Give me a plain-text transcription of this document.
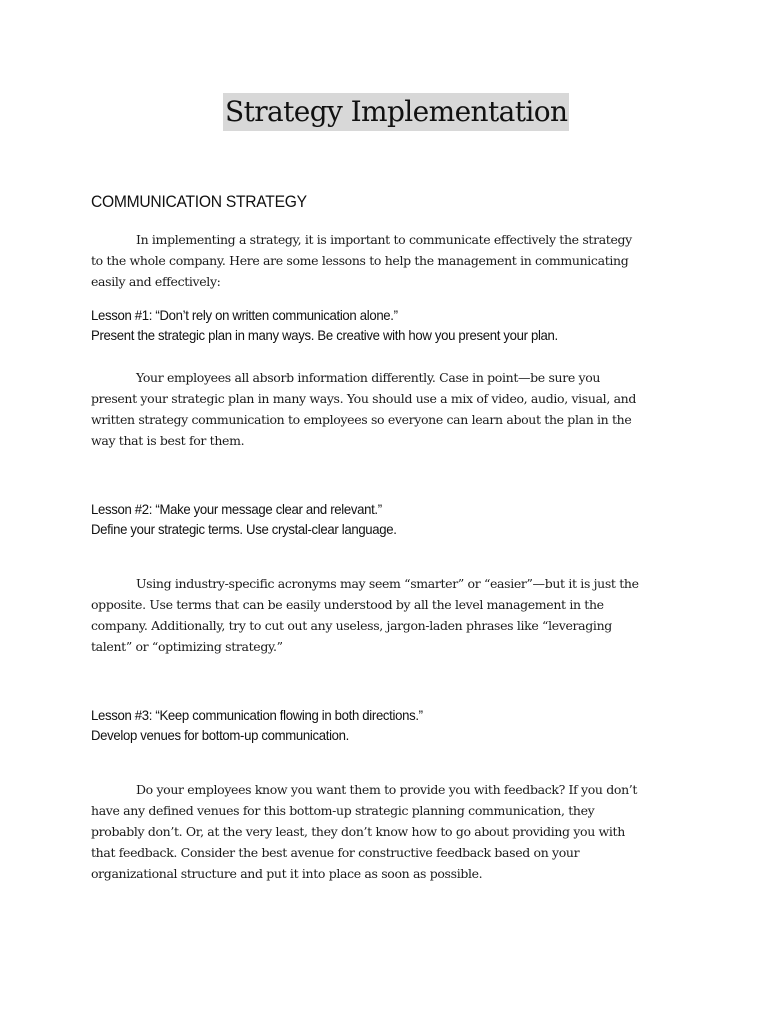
Strategy Implementation
COMMUNICATION STRATEGY

In implementing a strategy, it is important to communicate effectively the strategy
to the whole company. Here are some lessons to help the management in communicating
easily and effectively:

Lesson #1: “Don’t rely on written communication alone.”
Present the strategic plan in many ways. Be creative with how you present your plan.

Your employees all absorb information differently. Case in point—be sure you
present your strategic plan in many ways. You should use a mix of video, audio, visual, and
written strategy communication to employees so everyone can learn about the plan in the
way that is best for them.

Lesson #2: “Make your message clear and relevant.”
Define your strategic terms. Use crystal-clear language.

Using industry-specific acronyms may seem “smarter” or “easier”—but it is just the
opposite. Use terms that can be easily understood by all the level management in the
company. Additionally, try to cut out any useless, jargon-laden phrases like “leveraging
talent” or “optimizing strategy.”

Lesson #3: “Keep communication flowing in both directions.”
Develop venues for bottom-up communication.

Do your employees know you want them to provide you with feedback? If you don’t
have any defined venues for this bottom-up strategic planning communication, they
probably don’t. Or, at the very least, they don’t know how to go about providing you with
that feedback. Consider the best avenue for constructive feedback based on your
organizational structure and put it into place as soon as possible.
